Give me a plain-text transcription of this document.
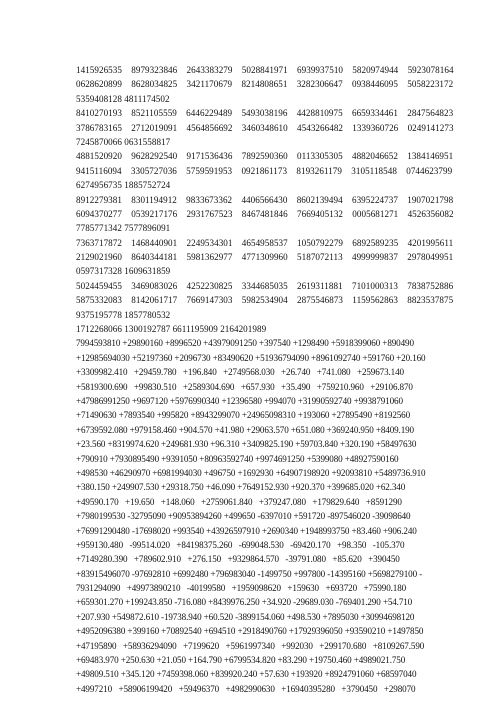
1415926535    8979323846    2643383279    5028841971    6939937510    5820974944    5923078164
0628620899    8628034825    3421170679    8214808651    3282306647    0938446095    5058223172
5359408128 4811174502
8410270193    8521105559    6446229489    5493038196    4428810975    6659334461    2847564823
3786783165    2712019091    4564856692    3460348610    4543266482    1339360726    0249141273
7245870066 0631558817
4881520920    9628292540    9171536436    7892590360    0113305305    4882046652    1384146951
9415116094    3305727036    5759591953    0921861173    8193261179    3105118548    0744623799
6274956735 1885752724
8912279381    8301194912    9833673362    4406566430    8602139494    6395224737    1907021798
6094370277    0539217176    2931767523    8467481846    7669405132    0005681271    4526356082
7785771342 7577896091
7363717872    1468440901    2249534301    4654958537    1050792279    6892589235    4201995611
2129021960    8640344181    5981362977    4771309960    5187072113    4999999837    2978049951
0597317328 1609631859
5024459455    3469083026    4252230825    3344685035    2619311881    7101000313    7838752886
5875332083    8142061717    7669147303    5982534904    2875546873    1159562863    8823537875
9375195778 1857780532
1712268066 1300192787 6611195909 2164201989
7994593810 +29890160 +8996520 +43979091250 +397540 +1298490 +5918399060 +890490
+12985694030 +52197360 +2096730 +83490620 +51936794090 +8961092740 +591760 +20.160
+3309982.410   +29459.780   +196.840   +2749568.030   +26.740   +741.080   +259673.140
+5819300.690   +99830.510   +2589304.690   +657.930   +35.490   +759210.960   +29106.870
+47986991250 +9697120 +5976990340 +12396580 +994070 +31990592740 +9938791060
+71490630 +7893540 +995820 +8943299070 +24965098310 +193060 +27895490 +8192560
+6739592.080 +979158.460 +904.570 +41.980 +29063.570 +651.080 +369240.950 +8409.190
+23.560 +8319974.620 +249681.930 +96.310 +3409825.190 +59703.840 +320.190 +58497630
+790910 +7930895490 +9391050 +80963592740 +9974691250 +5399080 +48927590160
+498530 +46290970 +6981994030 +496750 +1692930 +64907198920 +92093810 +5489736.910
+380.150 +249907.530 +29318.750 +46.090 +7649152.930 +920.370 +399685.020 +62.340
+49590.170   +19.650   +148.060   +2759061.840   +379247.080   +179829.640   +8591290
+7980199530 -32795090 +90953894260 +499650 -6397010 +591720 -897546020 -39098640
+76991290480 -17698020 +993540 +43926597910 +2690340 +1948993750 +83.460 +906.240
+959130.480   -99514.020   +84198375.260   -699048.530   -69420.170   +98.350   -105.370
+7149280.390   +789602.910   +276.150   +9329864.570   -39791.080   +85.620   +390450
+83915496070 -97692810 +6992480 +796983040 -1499750 +997800 -14395160 +5698279100 -
7931294090   +49973890210   -40199580   +1959098620   +159630   +693720   +75990.180
+659301.270 +199243.850 -716.080 +8439976.250 +34.920 -29689.030 -769401.290 +54.710
+207.930 +549872.610 -19738.940 +60.520 -3899154.060 +498.530 +7895030 +30994698120
+4952096380 +399160 +70892540 +694510 +2918490760 +17929396050 +93590210 +1497850
+47195890   +58936294090   +7199620   +5961997340   +992030   +299170.680   +8109267.590
+69483.970 +250.630 +21.050 +164.790 +6799534.820 +83.290 +19750.460 +4989021.750
+49809.510 +345.120 +7459398.060 +839920.240 +57.630 +193920 +8924791060 +68597040
+4997210   +58906199420   +59496370   +4982990630   +16940395280   +3790450   +298070
